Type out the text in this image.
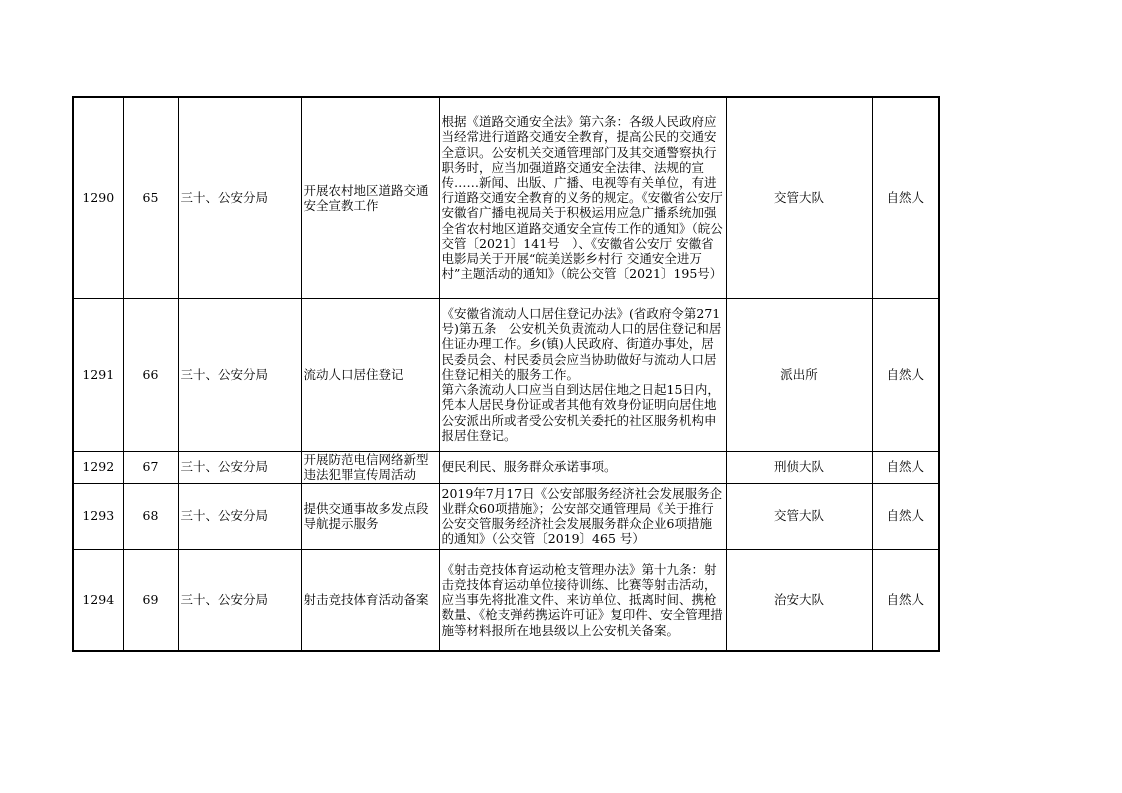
1290	65	三十、公安分局	开展农村地区道路交通安全宣教工作	根据《道路交通安全法》第六条：各级人民政府应当经常进行道路交通安全教育，提高公民的交通安全意识。公安机关交通管理部门及其交通警察执行职务时，应当加强道路交通安全法律、法规的宣传……新闻、出版、广播、电视等有关单位，有进行道路交通安全教育的义务的规定。《安徽省公安厅 安徽省广播电视局关于积极运用应急广播系统加强全省农村地区道路交通安全宣传工作的通知》（皖公交管〔2021〕141号　）、《安徽省公安厅 安徽省电影局关于开展“皖美送影乡村行 交通安全进万村”主题活动的通知》（皖公交管〔2021〕195号）	交管大队	自然人
1291	66	三十、公安分局	流动人口居住登记	《安徽省流动人口居住登记办法》(省政府令第271号)第五条　公安机关负责流动人口的居住登记和居住证办理工作。乡(镇)人民政府、街道办事处，居民委员会、村民委员会应当协助做好与流动人口居住登记相关的服务工作。
第六条流动人口应当自到达居住地之日起15日内，凭本人居民身份证或者其他有效身份证明向居住地公安派出所或者受公安机关委托的社区服务机构申报居住登记。	派出所	自然人
1292	67	三十、公安分局	开展防范电信网络新型违法犯罪宣传周活动	便民利民、服务群众承诺事项。	刑侦大队	自然人
1293	68	三十、公安分局	提供交通事故多发点段导航提示服务	2019年7月17日《公安部服务经济社会发展服务企业群众60项措施》；公安部交通管理局《关于推行公安交管服务经济社会发展服务群众企业6项措施的通知》（公交管〔2019〕465 号）	交管大队	自然人
1294	69	三十、公安分局	射击竞技体育活动备案	《射击竞技体育运动枪支管理办法》第十九条：射击竞技体育运动单位接待训练、比赛等射击活动，应当事先将批准文件、来访单位、抵离时间、携枪数量、《枪支弹药携运许可证》复印件、安全管理措施等材料报所在地县级以上公安机关备案。	治安大队	自然人
